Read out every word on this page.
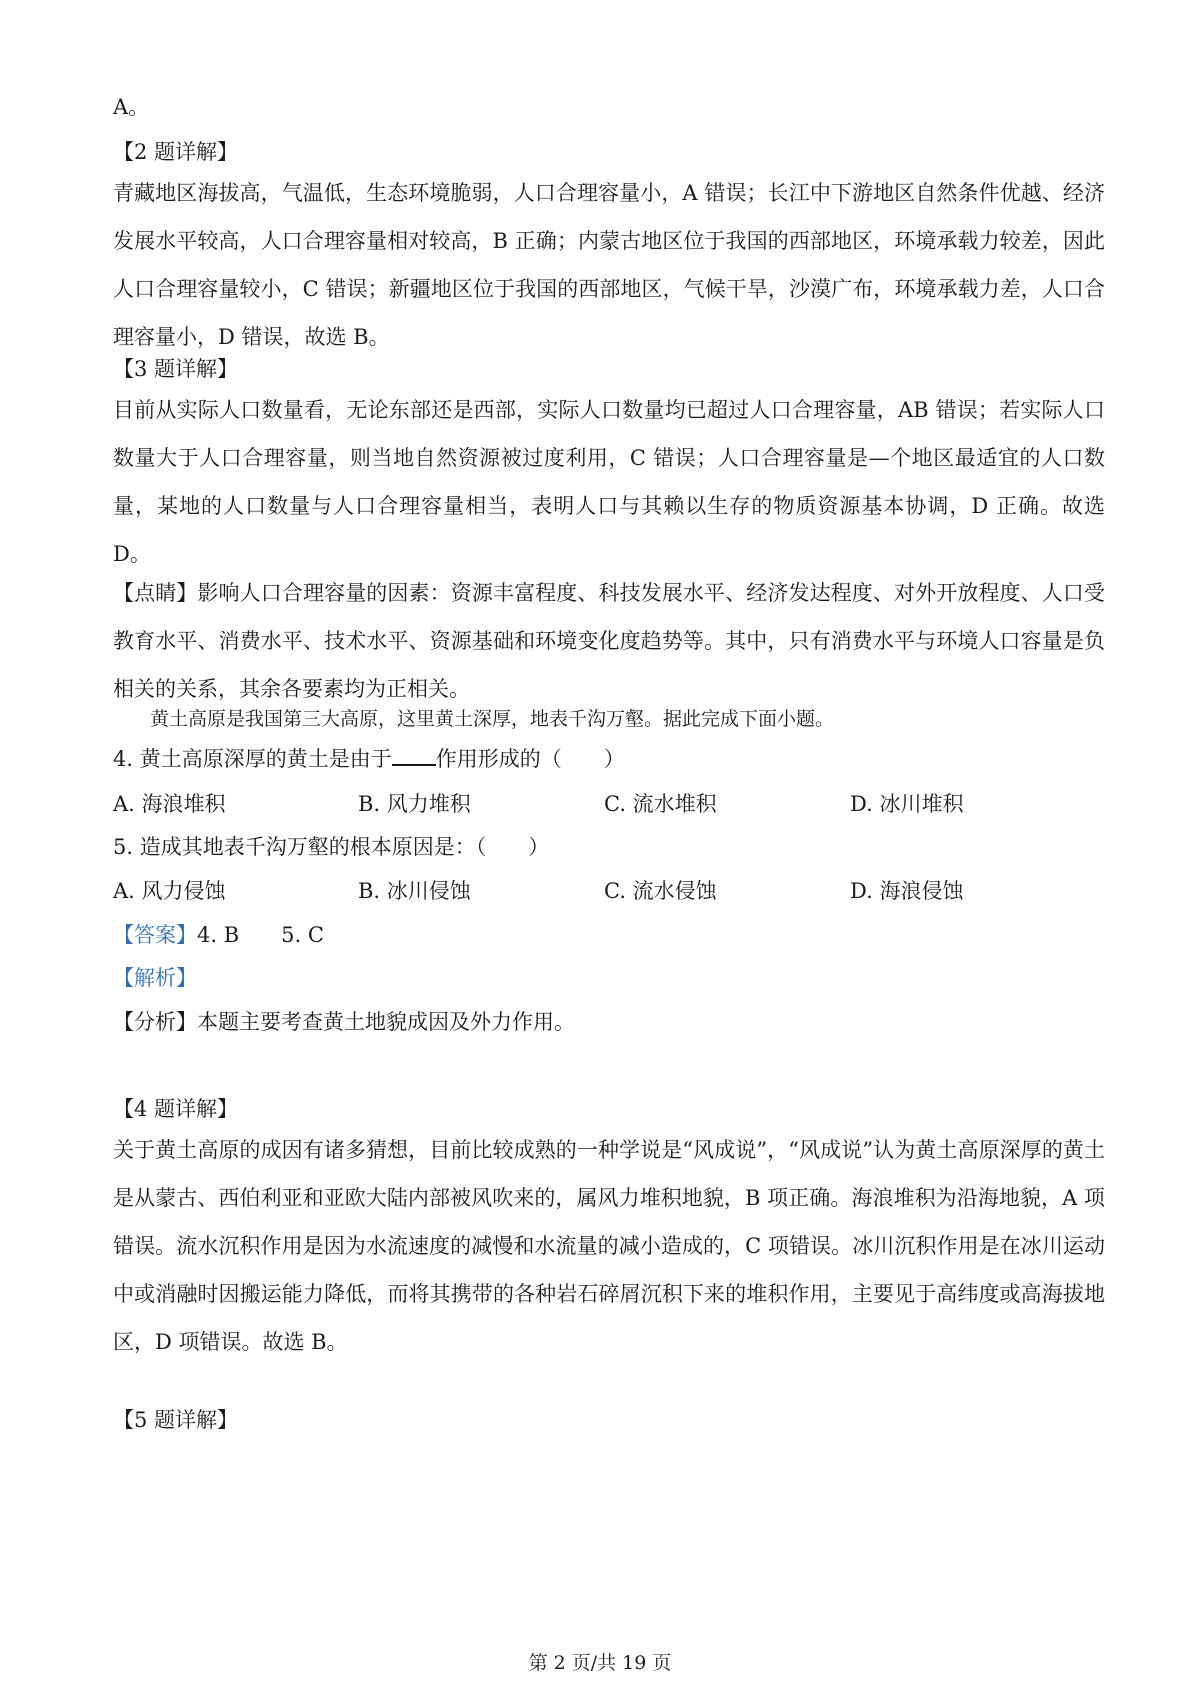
A。
【2 题详解】
青藏地区海拔高，气温低，生态环境脆弱，人口合理容量小，A 错误；长江中下游地区自然条件优越、经济发展水平较高，人口合理容量相对较高，B 正确；内蒙古地区位于我国的西部地区，环境承载力较差，因此人口合理容量较小，C 错误；新疆地区位于我国的西部地区，气候干旱，沙漠广布，环境承载力差，人口合理容量小，D 错误，故选 B。
【3 题详解】
目前从实际人口数量看，无论东部还是西部，实际人口数量均已超过人口合理容量，AB 错误；若实际人口数量大于人口合理容量，则当地自然资源被过度利用，C 错误；人口合理容量是—个地区最适宜的人口数量，某地的人口数量与人口合理容量相当，表明人口与其赖以生存的物质资源基本协调，D 正确。故选 D。
【点睛】影响人口合理容量的因素：资源丰富程度、科技发展水平、经济发达程度、对外开放程度、人口受教育水平、消费水平、技术水平、资源基础和环境变化度趋势等。其中，只有消费水平与环境人口容量是负相关的关系，其余各要素均为正相关。
黄土高原是我国第三大高原，这里黄土深厚，地表千沟万壑。据此完成下面小题。
4. 黄土高原深厚的黄土是由于 作用形成的（　　）
A. 海浪堆积	B. 风力堆积	C. 流水堆积	D. 冰川堆积
5. 造成其地表千沟万壑的根本原因是：（　　）
A. 风力侵蚀	B. 冰川侵蚀	C. 流水侵蚀	D. 海浪侵蚀
【答案】4. B 5. C
【解析】
【分析】本题主要考查黄土地貌成因及外力作用。
【4 题详解】
关于黄土高原的成因有诸多猜想，目前比较成熟的一种学说是“风成说”，“风成说”认为黄土高原深厚的黄土是从蒙古、西伯利亚和亚欧大陆内部被风吹来的，属风力堆积地貌，B 项正确。海浪堆积为沿海地貌，A 项错误。流水沉积作用是因为水流速度的减慢和水流量的减小造成的，C 项错误。冰川沉积作用是在冰川运动中或消融时因搬运能力降低，而将其携带的各种岩石碎屑沉积下来的堆积作用，主要见于高纬度或高海拔地区，D 项错误。故选 B。
【5 题详解】
第 2 页/共 19 页
